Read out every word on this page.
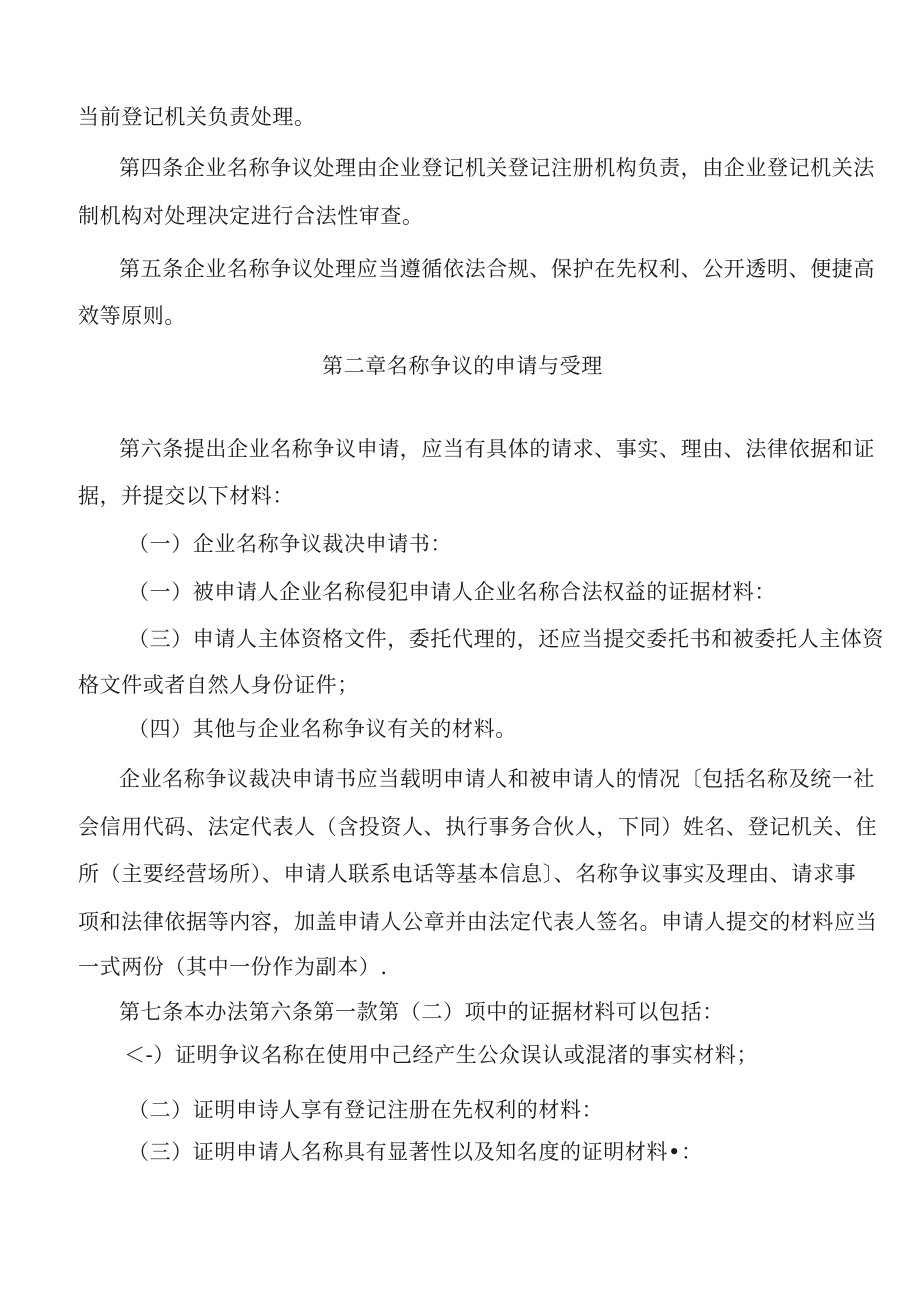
当前登记机关负责处理。
第四条企业名称争议处理由企业登记机关登记注册机构负责，由企业登记机关法
制机构对处理决定进行合法性审查。
第五条企业名称争议处理应当遵循依法合规、保护在先权利、公开透明、便捷高
效等原则。
第二章名称争议的申请与受理
第六条提出企业名称争议申请，应当有具体的请求、事实、理由、法律依据和证
据，并提交以下材料：
（一）企业名称争议裁决申请书：
（一）被申请人企业名称侵犯申请人企业名称合法权益的证据材料：
（三）申请人主体资格文件，委托代理的，还应当提交委托书和被委托人主体资
格文件或者自然人身份证件；
（四）其他与企业名称争议有关的材料。
企业名称争议裁决申请书应当载明申请人和被申请人的情况〔包括名称及统一社
会信用代码、法定代表人（含投资人、执行事务合伙人，下同）姓名、登记机关、住
所（主要经营场所）、申请人联系电话等基本信息〕、名称争议事实及理由、请求事
项和法律依据等内容，加盖申请人公章并由法定代表人签名。申请人提交的材料应当
一式两份（其中一份作为副本）.
第七条本办法第六条第一款第（二）项中的证据材料可以包括：
＜-）证明争议名称在使用中己经产生公众误认或混渚的事实材料；
（二）证明申诗人享有登记注册在先权利的材料：
（三）证明申请人名称具有显著性以及知名度的证明材料•：
